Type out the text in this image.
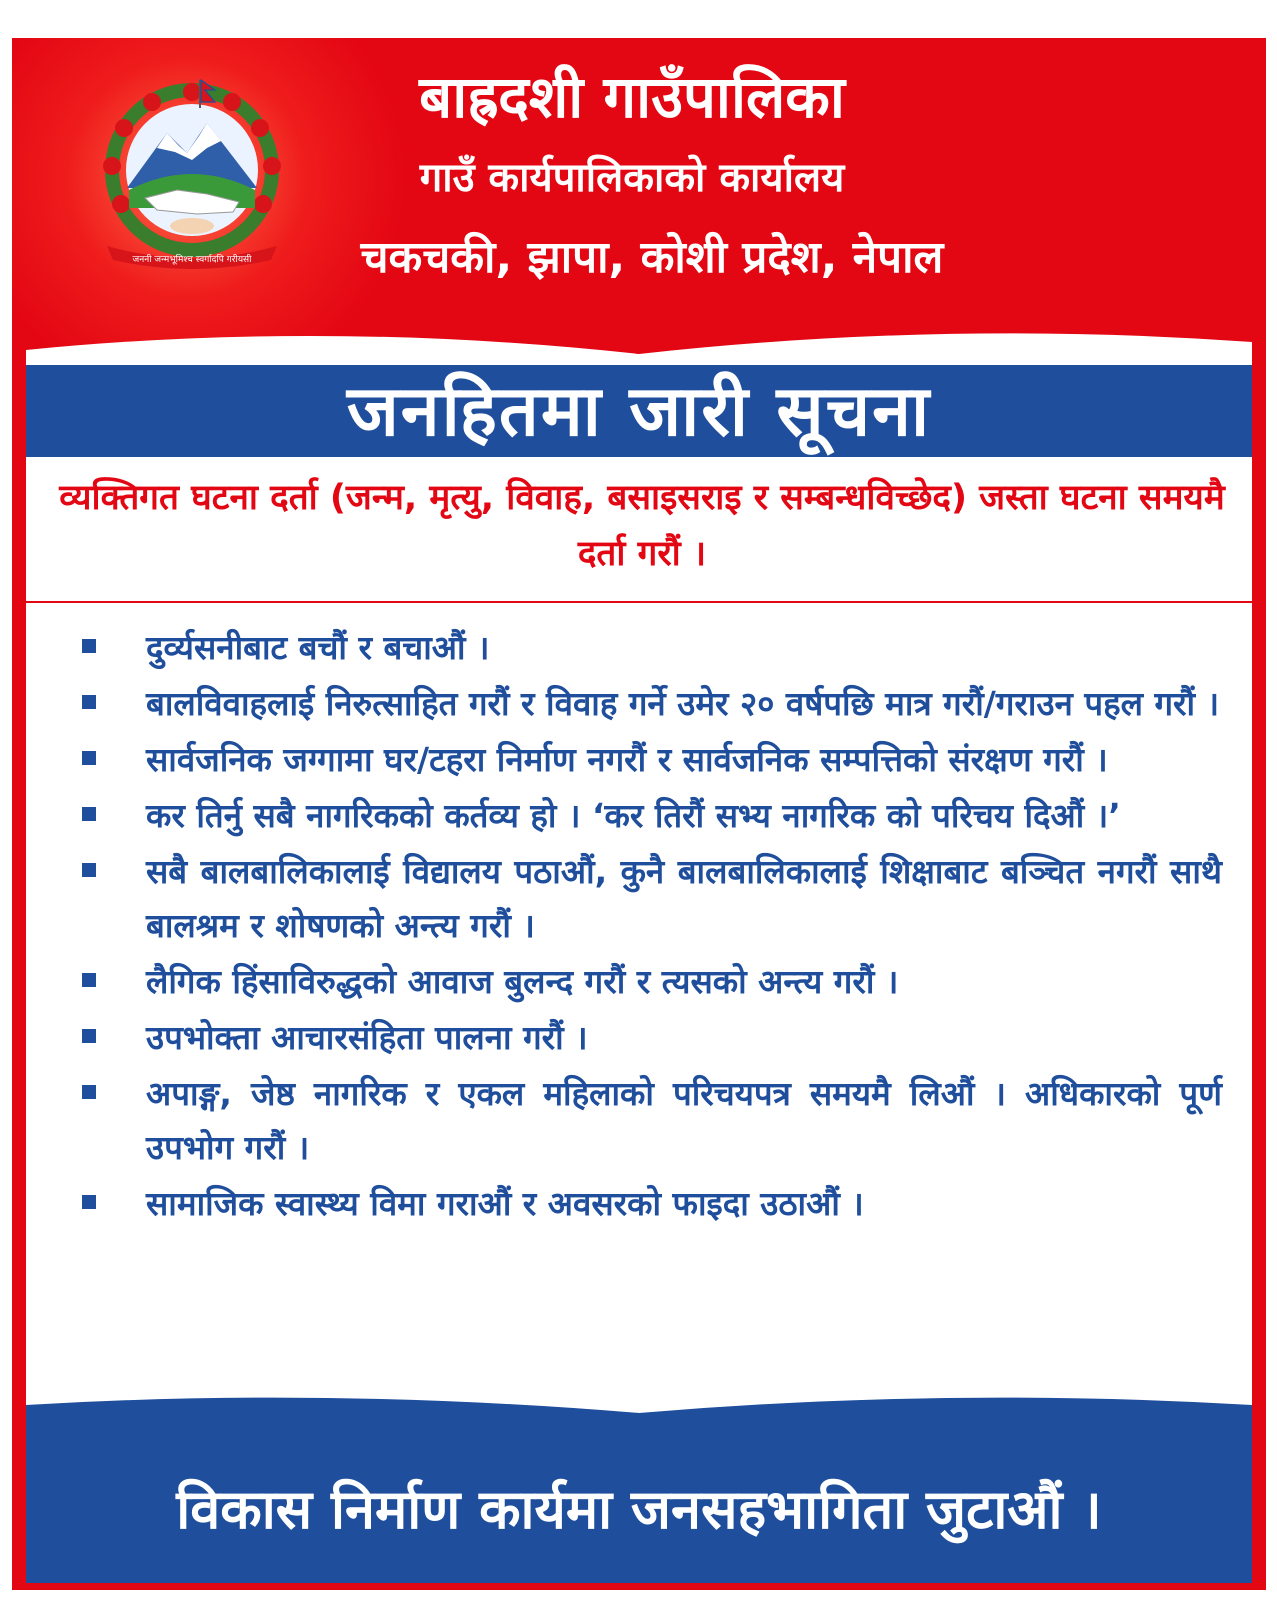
जननी जन्मभूमिश्च स्वर्गादपि गरीयसी
बाह्रदशी गाउँपालिका
गाउँ कार्यपालिकाको कार्यालय
चकचकी, झापा, कोशी प्रदेश, नेपाल
जनहितमा जारी सूचना
व्यक्तिगत घटना दर्ता (जन्म, मृत्यु, विवाह, बसाइसराइ र सम्बन्धविच्छेद) जस्ता घटना समयमै दर्ता गरौं ।
दुर्व्यसनीबाट बचौं र बचाऔं ।
बालविवाहलाई निरुत्साहित गरौं र विवाह गर्ने उमेर २० वर्षपछि मात्र गरौं/गराउन पहल गरौं ।
सार्वजनिक जग्गामा घर/टहरा निर्माण नगरौं र सार्वजनिक सम्पत्तिको संरक्षण गरौं ।
कर तिर्नु सबै नागरिकको कर्तव्य हो । ‘कर तिरौं सभ्य नागरिक को परिचय दिऔं ।’
सबै बालबालिकालाई विद्यालय पठाऔं, कुनै बालबालिकालाई शिक्षाबाट बञ्चित नगरौं साथै बालश्रम र शोषणको अन्त्य गरौं ।
लैगिक हिंसाविरुद्धको आवाज बुलन्द गरौं र त्यसको अन्त्य गरौं ।
उपभोक्ता आचारसंहिता पालना गरौं ।
अपाङ्ग, जेष्ठ नागरिक र एकल महिलाको परिचयपत्र समयमै लिऔं । अधिकारको पूर्ण उपभोग गरौं ।
सामाजिक स्वास्थ्य विमा गराऔं र अवसरको फाइदा उठाऔं ।
विकास निर्माण कार्यमा जनसहभागिता जुटाऔं ।
